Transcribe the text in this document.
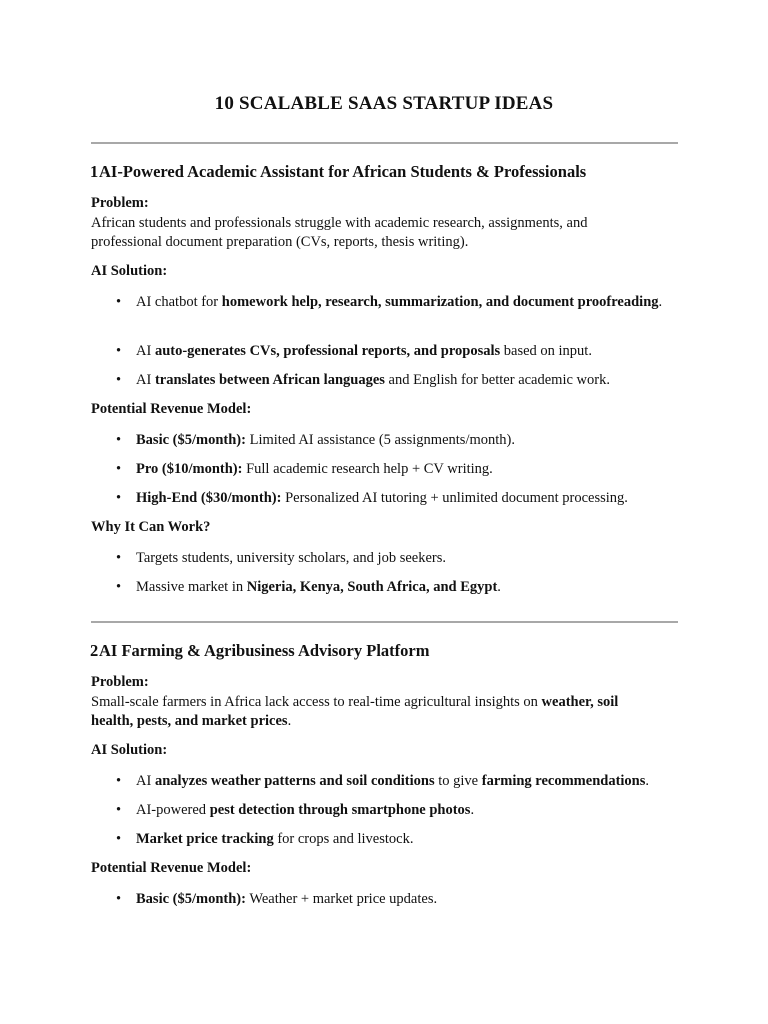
10 SCALABLE SAAS STARTUP IDEAS
1AI-Powered Academic Assistant for African Students & Professionals
Problem:
African students and professionals struggle with academic research, assignments, and professional document preparation (CVs, reports, thesis writing).
AI Solution:
• AI chatbot for homework help, research, summarization, and document proofreading.
• AI auto-generates CVs, professional reports, and proposals based on input.
• AI translates between African languages and English for better academic work.
Potential Revenue Model:
• Basic ($5/month): Limited AI assistance (5 assignments/month).
• Pro ($10/month): Full academic research help + CV writing.
• High-End ($30/month): Personalized AI tutoring + unlimited document processing.
Why It Can Work?
• Targets students, university scholars, and job seekers.
• Massive market in Nigeria, Kenya, South Africa, and Egypt.
2AI Farming & Agribusiness Advisory Platform
Problem:
Small-scale farmers in Africa lack access to real-time agricultural insights on weather, soil health, pests, and market prices.
AI Solution:
• AI analyzes weather patterns and soil conditions to give farming recommendations.
• AI-powered pest detection through smartphone photos.
• Market price tracking for crops and livestock.
Potential Revenue Model:
• Basic ($5/month): Weather + market price updates.
